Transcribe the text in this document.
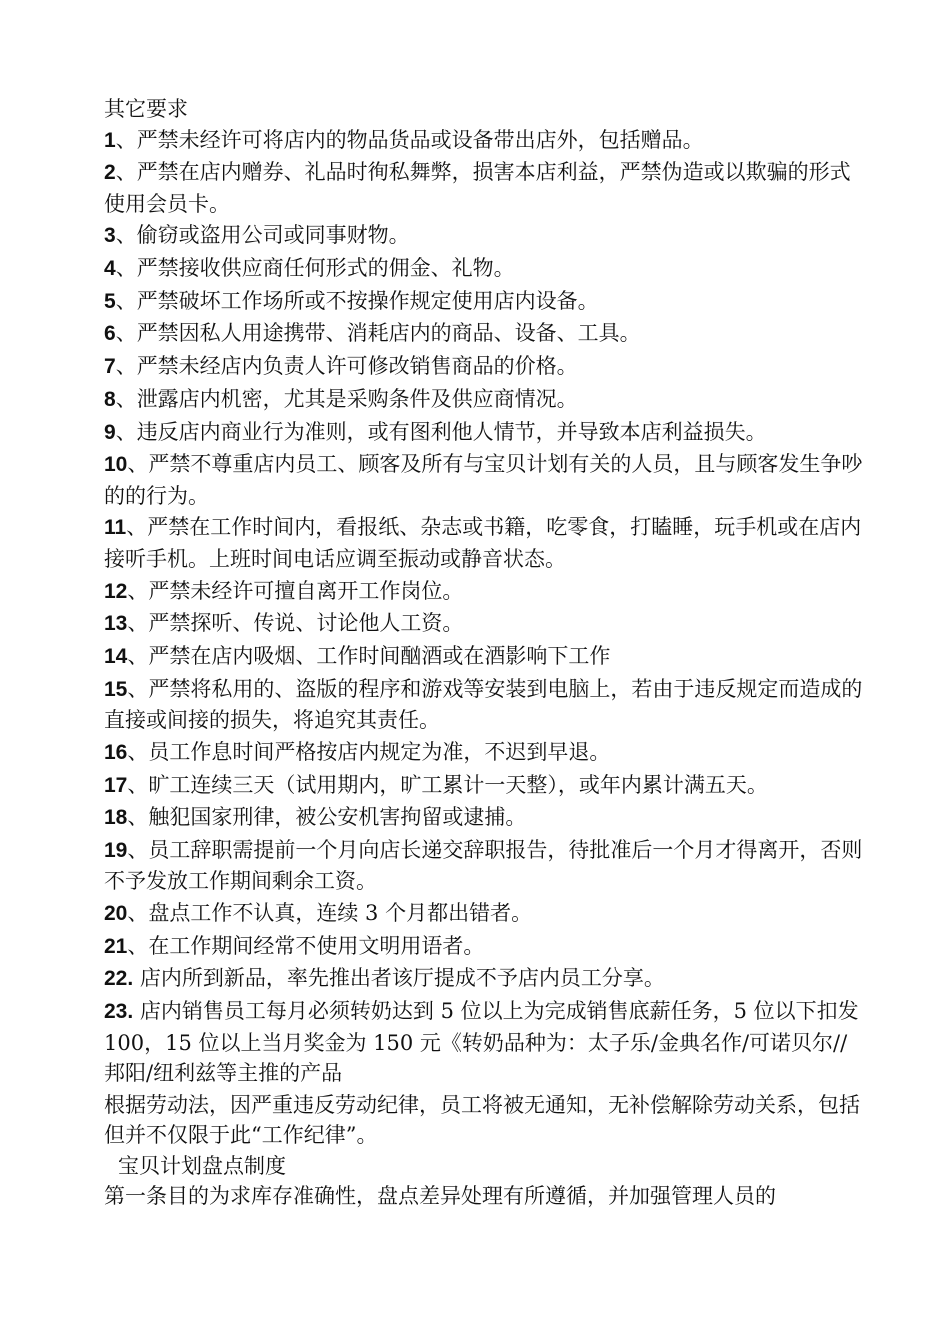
其它要求

1、严禁未经许可将店内的物品货品或设备带出店外，包括赠品。

2、严禁在店内赠券、礼品时徇私舞弊，损害本店利益，严禁伪造或以欺骗的形式使用会员卡。

3、偷窃或盗用公司或同事财物。

4、严禁接收供应商任何形式的佣金、礼物。

5、严禁破坏工作场所或不按操作规定使用店内设备。

6、严禁因私人用途携带、消耗店内的商品、设备、工具。

7、严禁未经店内负责人许可修改销售商品的价格。

8、泄露店内机密，尤其是采购条件及供应商情况。

9、违反店内商业行为准则，或有图利他人情节，并导致本店利益损失。

10、严禁不尊重店内员工、顾客及所有与宝贝计划有关的人员，且与顾客发生争吵的的行为。

11、严禁在工作时间内，看报纸、杂志或书籍，吃零食，打瞌睡，玩手机或在店内接听手机。上班时间电话应调至振动或静音状态。

12、严禁未经许可擅自离开工作岗位。

13、严禁探听、传说、讨论他人工资。

14、严禁在店内吸烟、工作时间酗酒或在酒影响下工作

15、严禁将私用的、盗版的程序和游戏等安装到电脑上，若由于违反规定而造成的直接或间接的损失，将追究其责任。

16、员工作息时间严格按店内规定为准，不迟到早退。

17、旷工连续三天（试用期内，旷工累计一天整），或年内累计满五天。

18、触犯国家刑律，被公安机害拘留或逮捕。

19、员工辞职需提前一个月向店长递交辞职报告，待批准后一个月才得离开，否则不予发放工作期间剩余工资。

20、盘点工作不认真，连续 3 个月都出错者。

21、在工作期间经常不使用文明用语者。

22. 店内所到新品，率先推出者该厅提成不予店内员工分享。

23. 店内销售员工每月必须转奶达到 5 位以上为完成销售底薪任务，5 位以下扣发 100，15 位以上当月奖金为 150 元《转奶品种为：太子乐/金典名作/可诺贝尔//邦阳/纽利兹等主推的产品

根据劳动法，因严重违反劳动纪律，员工将被无通知，无补偿解除劳动关系，包括但并不仅限于此“工作纪律”。

宝贝计划盘点制度

第一条目的为求库存准确性，盘点差异处理有所遵循，并加强管理人员的
